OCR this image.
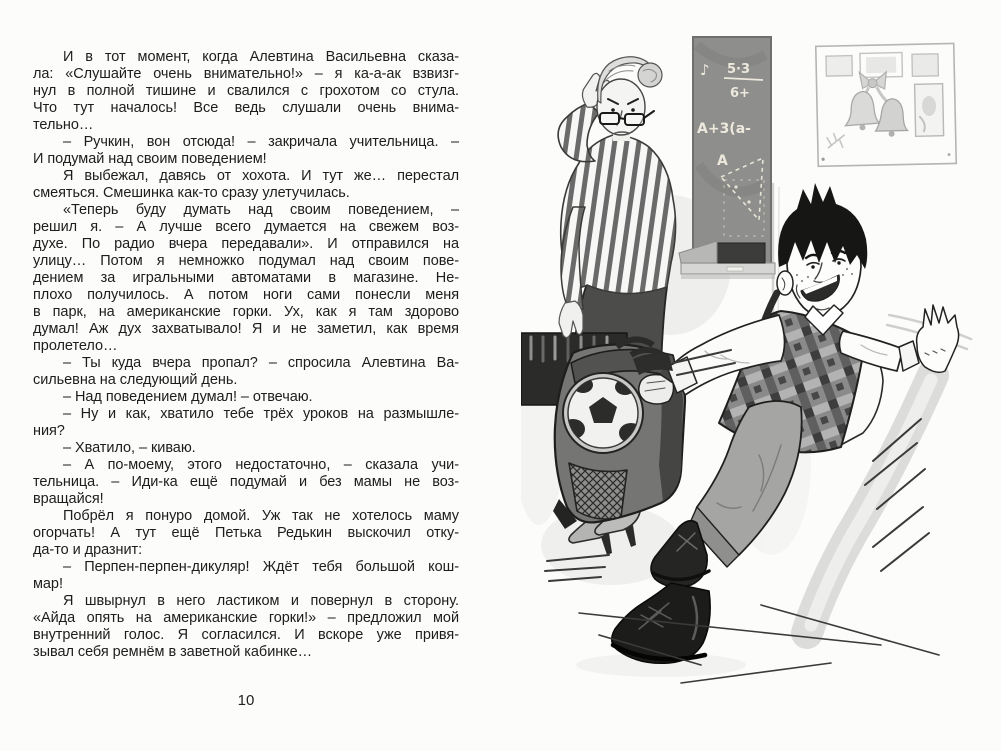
И в тот момент, когда Алевтина Васильевна сказа-
ла: «Слушайте очень внимательно!» – я ка-а-ак взвизг-
нул в полной тишине и свалился с грохотом со стула.
Что тут началось! Все ведь слушали очень внима-
тельно…
– Ручкин, вон отсюда! – закричала учительница. –
И подумай над своим поведением!
Я выбежал, давясь от хохота. И тут же… перестал
смеяться. Смешинка как-то сразу улетучилась.
«Теперь буду думать над своим поведением, –
решил я. – А лучше всего думается на свежем воз-
духе. По радио вчера передавали». И отправился на
улицу… Потом я немножко подумал над своим пове-
дением за игральными автоматами в магазине. Не-
плохо получилось. А потом ноги сами понесли меня
в парк, на американские горки. Ух, как я там здорово
думал! Аж дух захватывало! Я и не заметил, как время
пролетело…
– Ты куда вчера пропал? – спросила Алевтина Ва-
сильевна на следующий день.
– Над поведением думал! – отвечаю.
– Ну и как, хватило тебе трёх уроков на размышле-
ния?
– Хватило, – киваю.
– А по-моему, этого недостаточно, – сказала учи-
тельница. – Иди-ка ещё подумай и без мамы не воз-
вращайся!
Побрёл я понуро домой. Уж так не хотелось маму
огорчать! А тут ещё Петька Редькин выскочил отку-
да-то и дразнит:
– Перпен-перпен-дикуляр! Ждёт тебя большой кош-
мар!
Я швырнул в него ластиком и повернул в сторону.
«Айда опять на американские горки!» – предложил мой
внутренний голос. Я согласился. И вскоре уже привя-
зывал себя ремнём в заветной кабинке…
10
♪ 5·3
6+
A+3(a-
A
